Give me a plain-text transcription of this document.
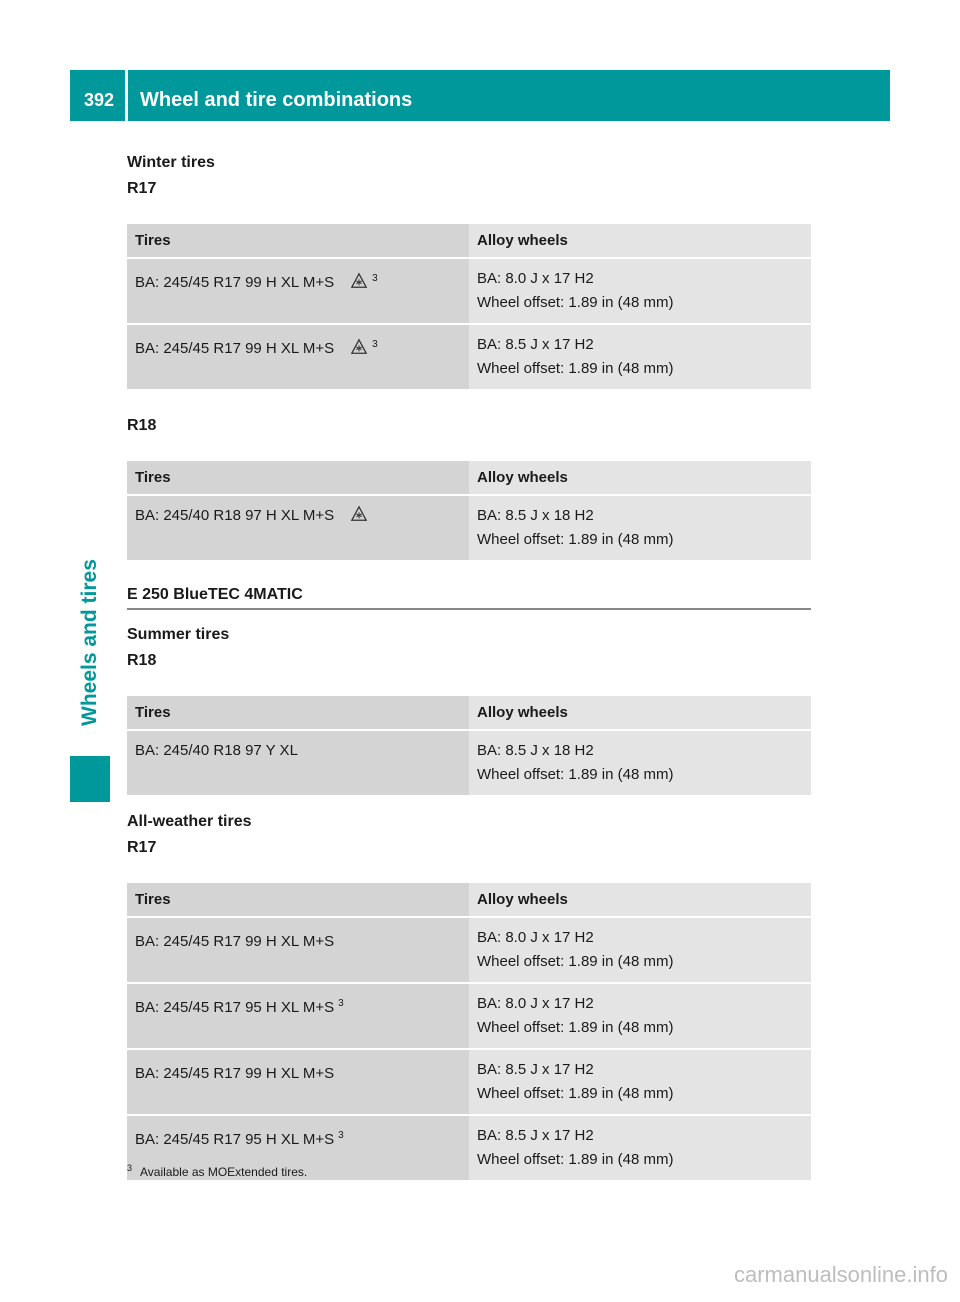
392 Wheel and tire combinations
Wheels and tires

Winter tires

R17

Tires	Alloy wheels
BA: 245/45 R17 99 H XL M+S $^3$	BA: 8.0 J x 17 H2
Wheel offset: 1.89 in (48 mm)

BA: 245/45 R17 99 H XL M+S $^3$	BA: 8.5 J x 17 H2
Wheel offset: 1.89 in (48 mm)

R18

Tires	Alloy wheels
BA: 245/40 R18 97 H XL M+S	BA: 8.5 J x 18 H2
Wheel offset: 1.89 in (48 mm)
E 250 BlueTEC 4MATIC

Summer tires

R18

Tires	Alloy wheels
BA: 245/40 R18 97 Y XL	BA: 8.5 J x 18 H2
Wheel offset: 1.89 in (48 mm)

All-weather tires

R17

Tires	Alloy wheels
BA: 245/45 R17 99 H XL M+S	BA: 8.0 J x 17 H2
Wheel offset: 1.89 in (48 mm)

BA: 245/45 R17 95 H XL M+S $^3$	BA: 8.0 J x 17 H2
Wheel offset: 1.89 in (48 mm)

BA: 245/45 R17 99 H XL M+S	BA: 8.5 J x 17 H2
Wheel offset: 1.89 in (48 mm)

BA: 245/45 R17 95 H XL M+S $^3$	BA: 8.5 J x 17 H2
Wheel offset: 1.89 in (48 mm)
$^3$ Available as MOExtended tires.
carmanualsonline.info
